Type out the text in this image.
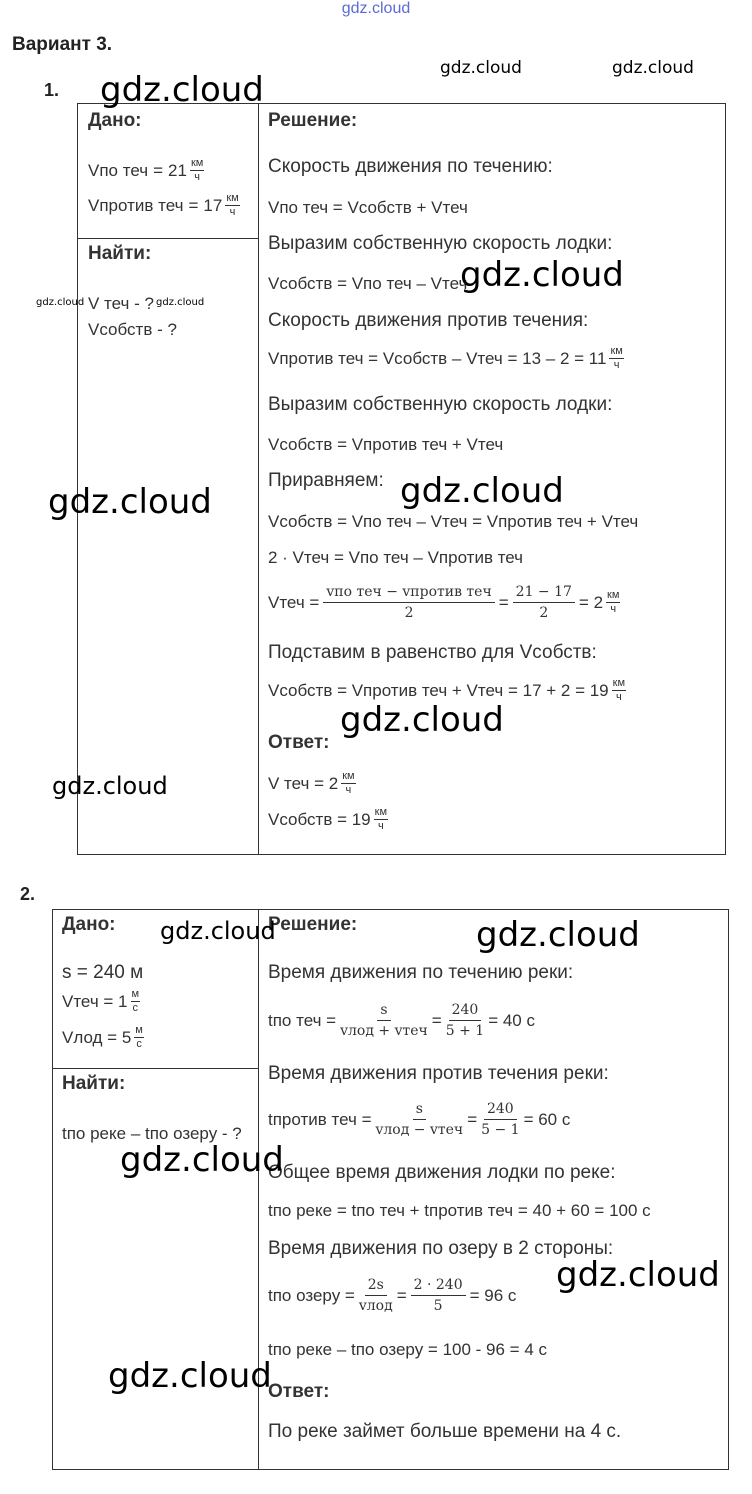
gdz.cloud
Вариант 3.
1.
Дано:
Vпо теч = 21 км
ч
Vпротив теч = 17 км
ч
Найти:
V теч - ?
Vсобств - ?
Решение:
Скорость движения по течению:
Vпо теч = Vсобств + Vтеч
Выразим собственную скорость лодки:
Vсобств = Vпо теч – Vтеч
Скорость движения против течения:
Vпротив теч = Vсобств – Vтеч = 13 – 2 = 11 км
ч
Выразим собственную скорость лодки:
Vсобств = Vпротив теч + Vтеч
Приравняем:
Vсобств = Vпо теч – Vтеч = Vпротив теч + Vтеч
2 · Vтеч = Vпо теч – Vпротив теч
Vтеч = $\frac{\text{vпо теч − vпротив теч}}{2} = \frac{21 - 17}{2} = 2$ км
ч
Подставим в равенство для Vсобств:
Vсобств = Vпротив теч + Vтеч = 17 + 2 = 19 км
ч
Ответ:
V теч = 2 км
ч
Vсобств = 19 км
ч
2.
Дано:
s = 240 м
Vтеч = 1 м
с
Vлод = 5 м
с
Найти:
tпо реке – tпо озеру - ?
Решение:
Время движения по течению реки:
tпо теч = $\frac{s}{\text{vлод + vтеч}} = \frac{240}{5 + 1} = 40$ с
Время движения против течения реки:
tпротив теч = $\frac{s}{\text{vлод − vтеч}} = \frac{240}{5 - 1} = 60$ с
Общее время движения лодки по реке:
tпо реке = tпо теч + tпротив теч = 40 + 60 = 100 с
Время движения по озеру в 2 стороны:
tпо озеру = $\frac{2s}{\text{vлод}} = \frac{2 \cdot 240}{5} = 96$ с
tпо реке – tпо озеру = 100 - 96 = 4 с
Ответ:
По реке займет больше времени на 4 с.
gdz.cloud	gdz.cloud
gdz.cloud
gdz.cloud
gdz.cloud	gdz.cloud
gdz.cloud	gdz.cloud
gdz.cloud
gdz.cloud
gdz.cloud	gdz.cloud
gdz.cloud
gdz.cloud
gdz.cloud
